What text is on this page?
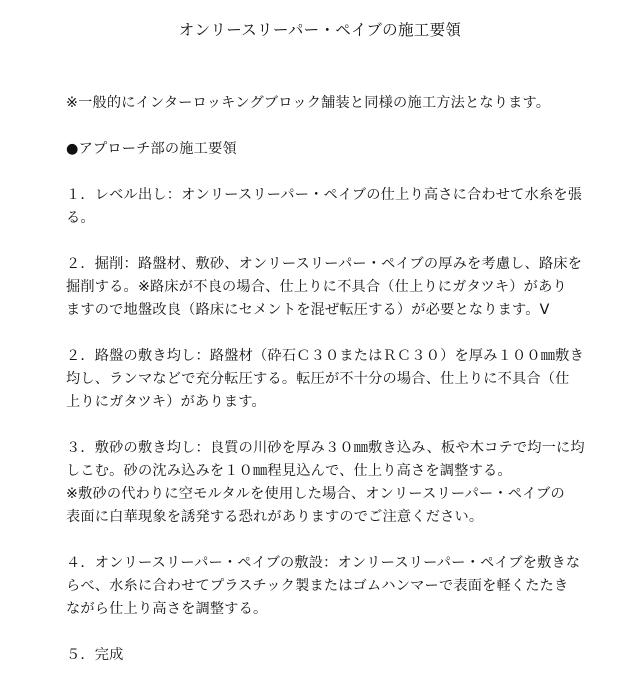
オンリースリーパー・ペイブの施工要領

※一般的にインターロッキングブロック舗装と同様の施工方法となります。

●アプローチ部の施工要領

１．レベル出し：オンリースリーパー・ペイブの仕上り高さに合わせて水糸を張
る。
２．掘削：路盤材、敷砂、オンリースリーパー・ペイブの厚みを考慮し、路床を
掘削する。※路床が不良の場合、仕上りに不具合（仕上りにガタツキ）があり
ますので地盤改良（路床にセメントを混ぜ転圧する）が必要となります。V
２．路盤の敷き均し：路盤材（砕石Ｃ３０またはＲＣ３０）を厚み１００㎜敷き
均し、ランマなどで充分転圧する。転圧が不十分の場合、仕上りに不具合（仕
上りにガタツキ）があります。
３．敷砂の敷き均し：良質の川砂を厚み３０㎜敷き込み、板や木コテで均一に均
しこむ。砂の沈み込みを１０㎜程見込んで、仕上り高さを調整する。
※敷砂の代わりに空モルタルを使用した場合、オンリースリーパー・ペイブの
表面に白華現象を誘発する恐れがありますのでご注意ください。
４．オンリースリーパー・ペイブの敷設：オンリースリーパー・ペイブを敷きな
らべ、水糸に合わせてプラスチック製またはゴムハンマーで表面を軽くたたき
ながら仕上り高さを調整する。
５．完成
